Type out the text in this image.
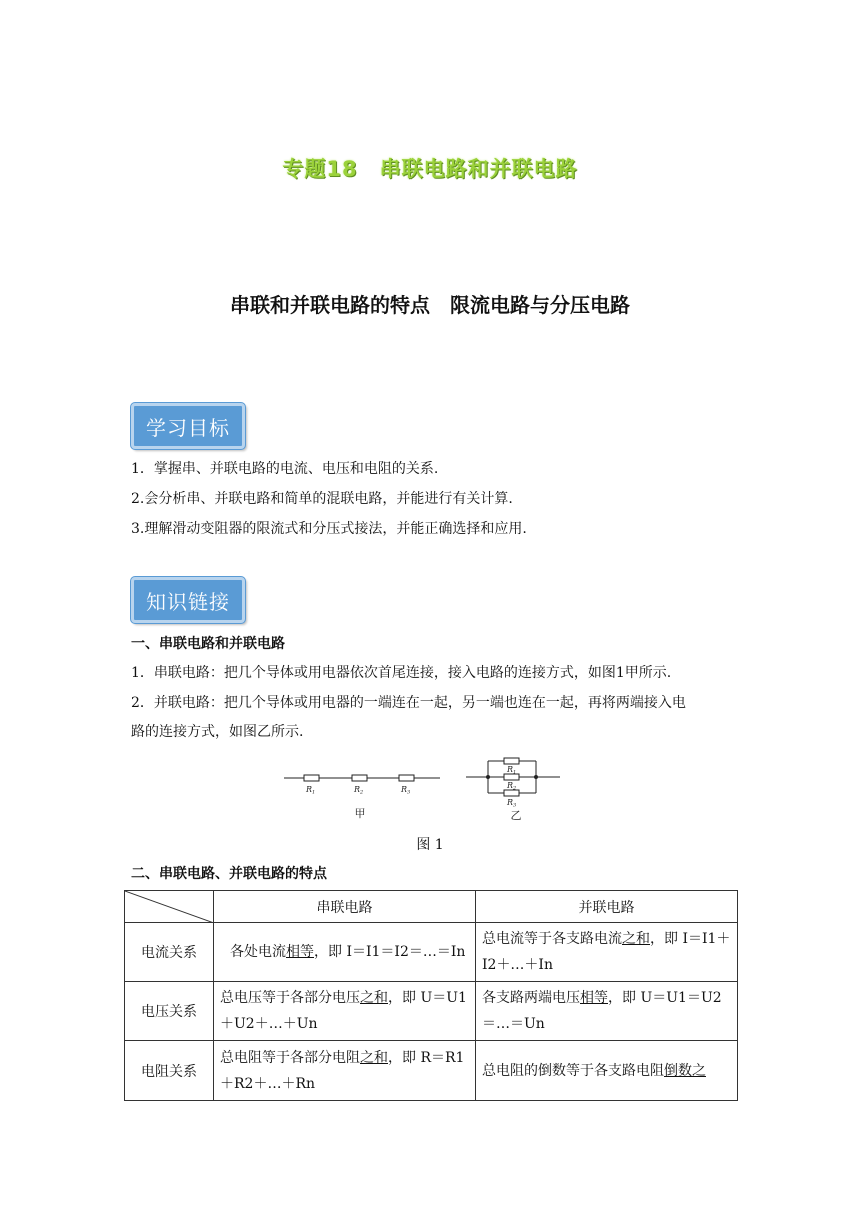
专题18　串联电路和并联电路
串联和并联电路的特点　限流电路与分压电路
学习目标
1．掌握串、并联电路的电流、电压和电阻的关系.
2.会分析串、并联电路和简单的混联电路，并能进行有关计算.
3.理解滑动变阻器的限流式和分压式接法，并能正确选择和应用.
知识链接
一、串联电路和并联电路
1．串联电路：把几个导体或用电器依次首尾连接，接入电路的连接方式，如图1甲所示.
2．并联电路：把几个导体或用电器的一端连在一起，另一端也连在一起，再将两端接入电
路的连接方式，如图乙所示.
R1	R2	R3
甲
R1
R2
R3
乙
图 1
二、串联电路、并联电路的特点
	串联电路	并联电路
电流关系	各处电流相等，即 I＝I1＝I2＝…＝In	总电流等于各支路电流之和，即 I＝I1＋I2＋…＋In
电压关系	总电压等于各部分电压之和，即 U＝U1＋U2＋…＋Un	各支路两端电压相等，即 U＝U1＝U2＝…＝Un
电阻关系	总电阻等于各部分电阻之和，即 R＝R1＋R2＋…＋Rn	总电阻的倒数等于各支路电阻倒数之
